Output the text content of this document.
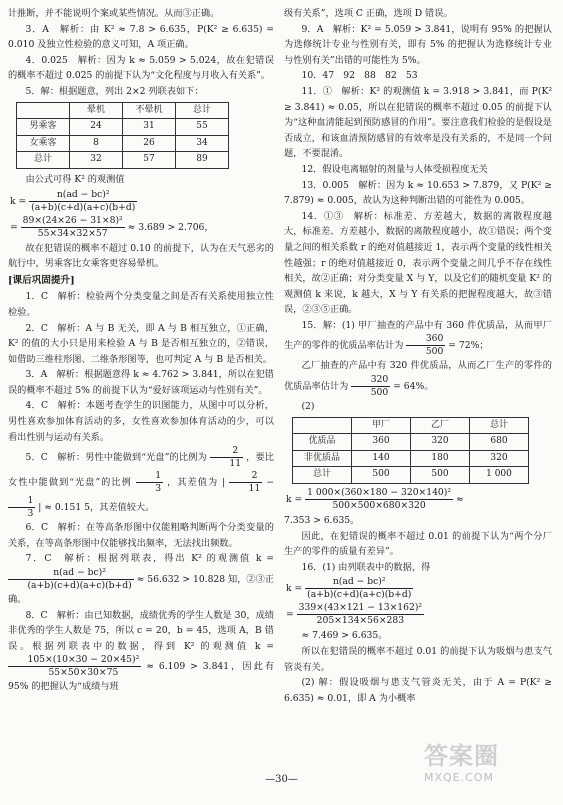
计推断，并不能说明个案或某些情况。从而③正确。

3．A　解析：由 K² ≈ 7.8 > 6.635，P(K² ≥ 6.635) = 0.010 及独立性检验的意义可知，A 项正确。

4．0.025　解析：因为 k ≈ 5.059 > 5.024，故在犯错误的概率不超过 0.025 的前提下认为“文化程度与月收入有关系”。

5．解：根据题意，列出 2×2 列联表如下：

	晕机	不晕机	总计
男乘客	24	31	55
女乘客	8	26	34
总计	32	57	89

由公式可得 K² 的观测值

$k = \frac{\text{n(ad − bc)²}}{(a+b)(c+d)(a+c)(b+d)}$
= $\frac{\text{89×(24×26 − 31×8)²}}{55\times 34\times 32\times 57} \approx 3.689 > 2.706$，

故在犯错误的概率不超过 0.10 的前提下，认为在天气恶劣的航行中，男乘客比女乘客更容易晕机。

[课后巩固提升]

1．C　解析：检验两个分类变量之间是否有关系使用独立性检验。

2．C　解析：A 与 B 无关，即 A 与 B 相互独立，①正确，K² 的值的大小只是用来检验 A 与 B 是否相互独立的，②错误，如借助三维柱形图、二维条形图等，也可判定 A 与 B 是否相关。

3．A　解析：根据题意得 k ≈ 4.762 > 3.841，所以在犯错误的概率不超过 5% 的前提下认为“爱好该项运动与性别有关”。

4．C　解析：本题考查学生的识图能力，从图中可以分析，男性喜欢参加体育活动的多，女性喜欢参加体育活动的少，可以看出性别与运动有关系。

5．C　解析：男性中能做到“光盘”的比例为 $\frac{2}{11}$ ，要比女性中能做到“光盘”的比例 $\frac{1}{3}$ ，其差值为 | $\frac{2}{11}$ −
$\frac{1}{3}$ | ≈ 0.151 5，其差值较大。

6．C　解析：在等高条形图中仅能粗略判断两个分类变量的关系，在等高条形图中仅能够找出频率，无法找出频数。

7．C　解析：根据列联表，得出 K² 的观测值 k =
$\frac{\text{n(ad − bc)²}}{(a+b)(c+d)(a+c)(b+d)} \approx 56.632 > 10.828$ 知，②③正确。

8．C　解析：由已知数据，成绩优秀的学生人数是 30，成绩非优秀的学生人数是 75，所以 c = 20，b = 45，选项 A，B 错误。根据列联表中的数据，得到 K² 的观测值 k =
$\frac{\text{105×(10×30 − 20×45)²}}{55\times 50\times 30\times 75} \approx 6.109 > 3.841$，因此有 95% 的把握认为“成绩与班

级有关系”，选项 C 正确，选项 D 错误。

9．A　解析：K² = 5.059 > 3.841，说明有 95% 的把握认为选修统计专业与性别有关，即有 5% 的把握认为选修统计专业与性别有关”出错的可能性为 5%。

10．47　92　88　82　53

11．①　解析：K² 的观测值 k = 3.918 > 3.841，而 P(K² ≥ 3.841) ≈ 0.05，所以在犯错误的概率不超过 0.05 的前提下认为“这种血清能起到预防感冒的作用”。要注意我们检验的是假设是否成立，和该血清预防感冒的有效率是没有关系的，不是同一个问题，不要混淆。

12．假设电离辐射的剂量与人体受损程度无关

13．0.005　解析：因为 k ≈ 10.653 > 7.879，又 P(K² ≥ 7.879) ≈ 0.005，故认为这种判断出错的可能性为 0.005。

14．①③　解析：标准差、方差越大，数据的离散程度越大，标准差、方差越小，数据的离散程度越小，故①错误；两个变量之间的相关系数 r 的绝对值越接近 1，表示两个变量的线性相关性越强；r 的绝对值越接近 0，表示两个变量之间几乎不存在线性相关，故②正确；对分类变量 X 与 Y，以及它们的随机变量 K² 的观测值 k 来说，k 越大，X 与 Y 有关系的把握程度越大，故③错误，②③⑤正确。

15．解：(1) 甲厂抽查的产品中有 360 件优质品，从而甲厂生产的零件的优质品率估计为 $\frac{360}{500} = 72\%$；

乙厂抽查的产品中有 320 件优质品，从而乙厂生产的零件的优质品率估计为 $\frac{320}{500} = 64\%$。

(2)

	甲厂	乙厂	总计
优质品	360	320	680
非优质品	140	180	320
总计	500	500	1 000
$k = \frac{\text{1 000×(360×180 − 320×140)²}}{500\times 500\times 680\times 320}$ ≈

7.353 > 6.635。

因此，在犯错误的概率不超过 0.01 的前提下认为“两个分厂生产的零件的质量有差异”。

16．(1) 由列联表中的数据，得

$k = \frac{\text{n(ad − bc)²}}{(a+b)(c+d)(a+c)(b+d)}$
= $\frac{\text{339×(43×121 − 13×162)²}}{205\times 134\times 56\times 283}$

≈ 7.469 > 6.635。

所以在犯错误的概率不超过 0.01 的前提下认为吸烟与患支气管炎有关。

(2) 解：假设吸烟与患支气管炎无关，由于 A = P(K² ≥ 6.635) ≈ 0.01，即 A 为小概率

—30—
答案圈
MXQE.COM
